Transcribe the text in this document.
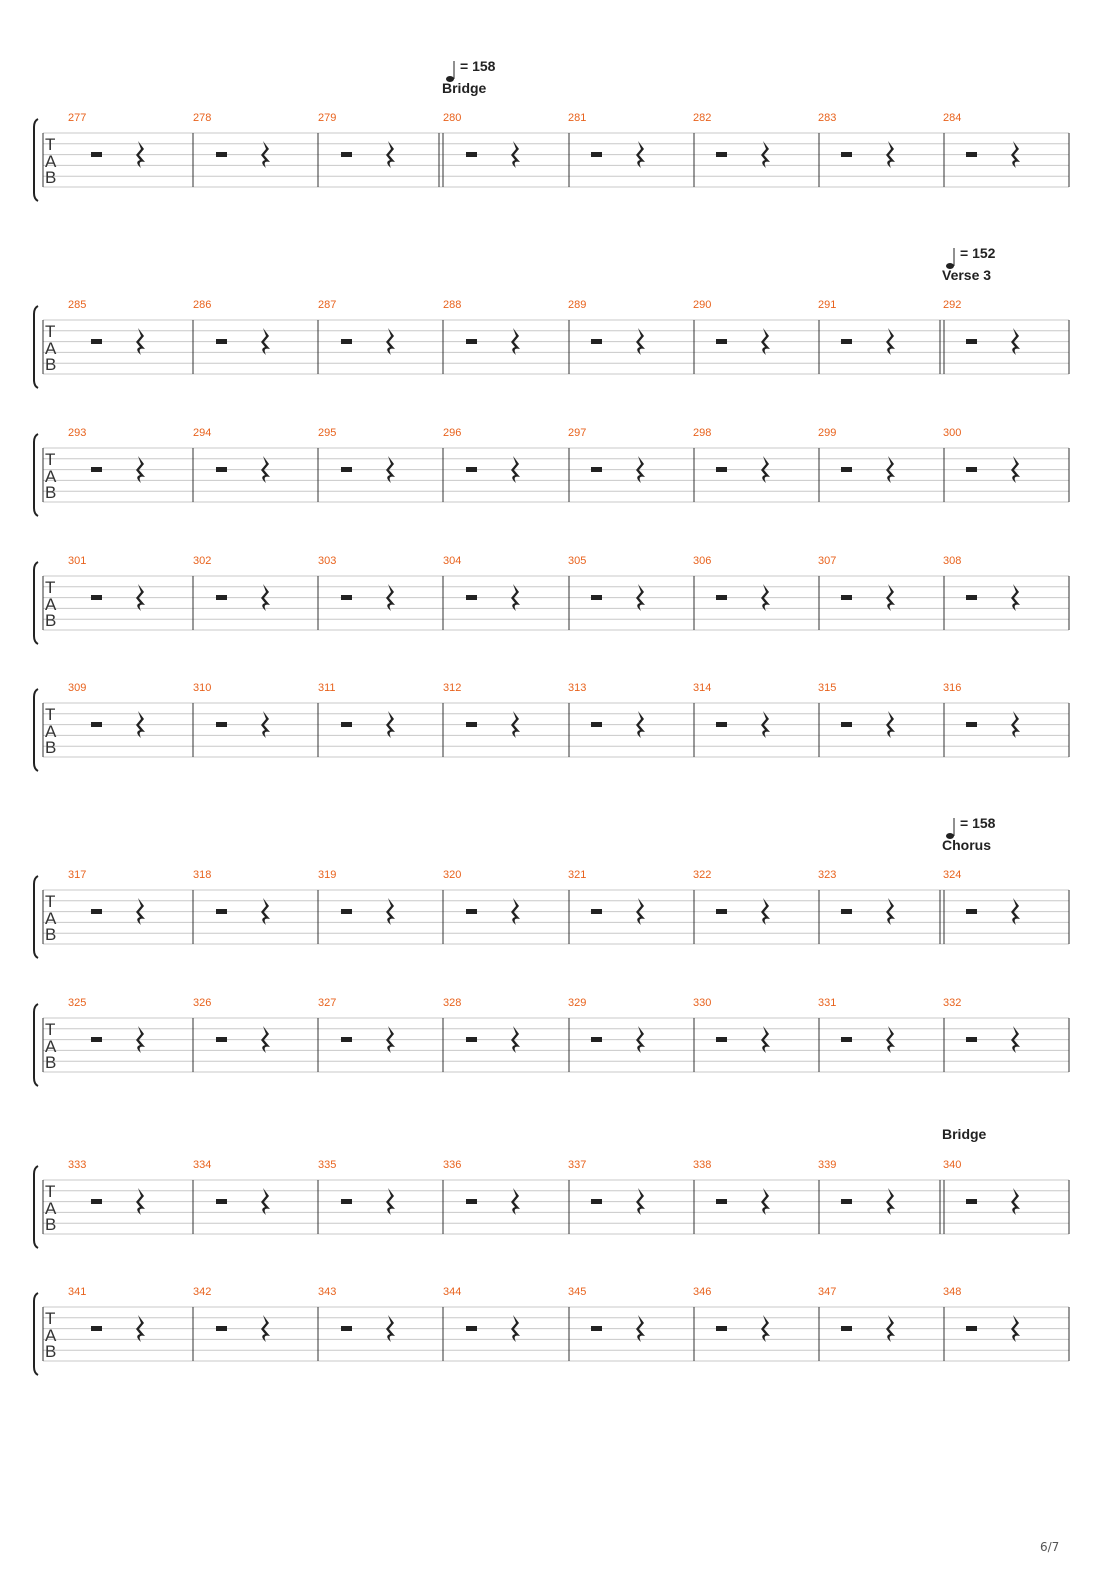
T
A
B
277	278	279	280	281	282	283	284
= 158
Bridge
T
A
B
285	286	287	288	289	290	291	292
= 152
Verse 3
T
A
B
293	294	295	296	297	298	299	300
T
A
B
301	302	303	304	305	306	307	308
T
A
B
309	310	311	312	313	314	315	316
T
A
B
317	318	319	320	321	322	323	324
= 158
Chorus
T
A
B
325	326	327	328	329	330	331	332
T
A
B
333	334	335	336	337	338	339	340
Bridge
T
A
B
341	342	343	344	345	346	347	348
6/7
